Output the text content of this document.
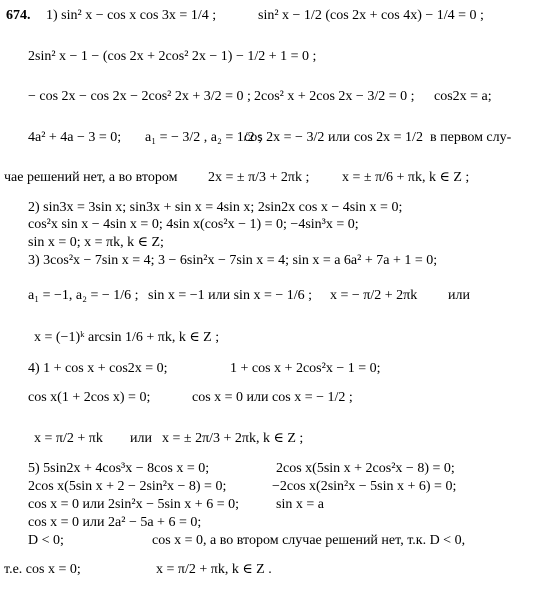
674. 1) sin² x − cos x cos 3x = 1/4 ;	sin² x − 1/2 (cos 2x + cos 4x) − 1/4 = 0 ;
2sin² x − 1 − (cos 2x + 2cos² 2x − 1) − 1/2 + 1 = 0 ;
− cos 2x − cos 2x − 2cos² 2x + 3/2 = 0 ; 2cos² x + 2cos 2x − 3/2 = 0 ; cos2x = a;
4a² + 4a − 3 = 0; a₁ = − 3/2 , a₂ = 1/2 ;
cos 2x = − 3/2 или cos 2x = 1/2 в первом слу-
чае решений нет, а во втором 2x = ± π/3 + 2πk ; x = ± π/6 + πk, k ∈ Z ;
2) sin3x = 3sin x; sin3x + sin x = 4sin x; 2sin2x cos x − 4sin x = 0;
cos²x sin x − 4sin x = 0; 4sin x(cos²x − 1) = 0; −4sin³x = 0;
sin x = 0; x = πk, k ∈ Z;
3) 3cos²x − 7sin x = 4; 3 − 6sin²x − 7sin x = 4; sin x = a 6a² + 7a + 1 = 0;
a₁ = −1, a₂ = − 1/6 ; sin x = −1 или sin x = − 1/6 ; x = − π/2 + 2πk или
x = (−1)ᵏ arcsin 1/6 + πk, k ∈ Z ;
4) 1 + cos x + cos2x = 0;	1 + cos x + 2cos²x − 1 = 0;
cos x(1 + 2cos x) = 0;	cos x = 0 или cos x = − 1/2 ;
x = π/2 + πk или x = ± 2π/3 + 2πk, k ∈ Z ;
5) 5sin2x + 4cos³x − 8cos x = 0;	2cos x(5sin x + 2cos²x − 8) = 0;
2cos x(5sin x + 2 − 2sin²x − 8) = 0;	−2cos x(2sin²x − 5sin x + 6) = 0;
cos x = 0 или 2sin²x − 5sin x + 6 = 0;	sin x = a
cos x = 0 или 2a² − 5a + 6 = 0;
D < 0;	cos x = 0, а во втором случае решений нет, т.к. D < 0,
т.е. cos x = 0;	x = π/2 + πk, k ∈ Z .
